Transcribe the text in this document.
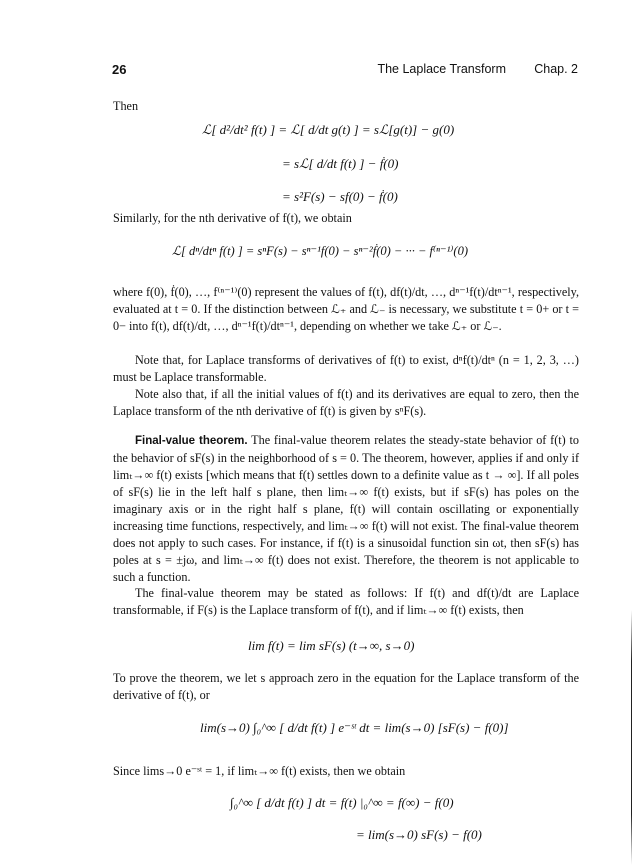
26	The Laplace Transform Chap. 2

Then

ℒ[ d²/dt² f(t) ] = ℒ[ d/dt g(t) ] = sℒ[g(t)] − g(0)
= sℒ[ d/dt f(t) ] − ḟ(0)
= s²F(s) − sf(0) − ḟ(0)

Similarly, for the nth derivative of f(t), we obtain

ℒ[ dⁿ/dtⁿ f(t) ] = sⁿF(s) − sⁿ⁻¹f(0) − sⁿ⁻²ḟ(0) − ··· − f⁽ⁿ⁻¹⁾(0)

where f(0), ḟ(0), …, f⁽ⁿ⁻¹⁾(0) represent the values of f(t), df(t)/dt, …, dⁿ⁻¹f(t)/dtⁿ⁻¹, respectively, evaluated at t = 0. If the distinction between ℒ₊ and ℒ₋ is necessary, we substitute t = 0+ or t = 0− into f(t), df(t)/dt, …, dⁿ⁻¹f(t)/dtⁿ⁻¹, depending on whether we take ℒ₊ or ℒ₋.

Note that, for Laplace transforms of derivatives of f(t) to exist, dⁿf(t)/dtⁿ (n = 1, 2, 3, …) must be Laplace transformable.

Note also that, if all the initial values of f(t) and its derivatives are equal to zero, then the Laplace transform of the nth derivative of f(t) is given by sⁿF(s).

Final-value theorem. The final-value theorem relates the steady-state behavior of f(t) to the behavior of sF(s) in the neighborhood of s = 0. The theorem, however, applies if and only if limₜ→∞ f(t) exists [which means that f(t) settles down to a definite value as t → ∞]. If all poles of sF(s) lie in the left half s plane, then limₜ→∞ f(t) exists, but if sF(s) has poles on the imaginary axis or in the right half s plane, f(t) will contain oscillating or exponentially increasing time functions, respectively, and limₜ→∞ f(t) will not exist. The final-value theorem does not apply to such cases. For instance, if f(t) is a sinusoidal function sin ωt, then sF(s) has poles at s = ±jω, and limₜ→∞ f(t) does not exist. Therefore, the theorem is not applicable to such a function.

The final-value theorem may be stated as follows: If f(t) and df(t)/dt are Laplace transformable, if F(s) is the Laplace transform of f(t), and if limₜ→∞ f(t) exists, then

lim f(t) = lim sF(s) (t→∞, s→0)

To prove the theorem, we let s approach zero in the equation for the Laplace transform of the derivative of f(t), or

lim(s→0) ∫₀^∞ [ d/dt f(t) ] e⁻ˢᵗ dt = lim(s→0) [sF(s) − f(0)]

Since lims→0 e⁻ˢᵗ = 1, if limₜ→∞ f(t) exists, then we obtain

∫₀^∞ [ d/dt f(t) ] dt = f(t) |₀^∞ = f(∞) − f(0)
= lim(s→0) sF(s) − f(0)
